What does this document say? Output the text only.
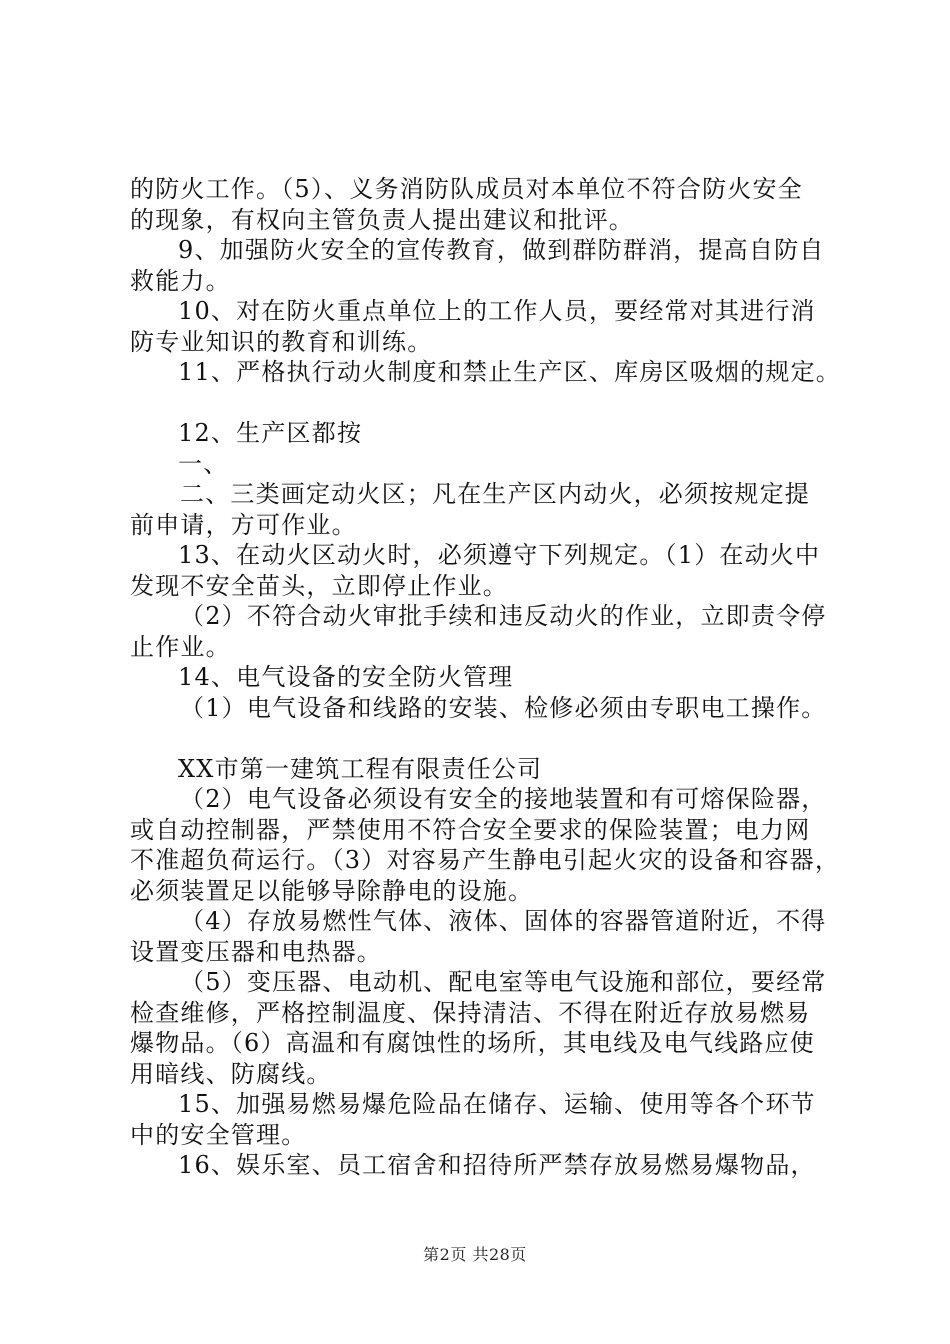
的防火工作。（5）、义务消防队成员对本单位不符合防火安全
的现象，有权向主管负责人提出建议和批评。
9、加强防火安全的宣传教育，做到群防群消，提高自防自
救能力。
10、对在防火重点单位上的工作人员，要经常对其进行消
防专业知识的教育和训练。
11、严格执行动火制度和禁止生产区、库房区吸烟的规定。
12、生产区都按
一、
二、三类画定动火区；凡在生产区内动火，必须按规定提
前申请，方可作业。
13、在动火区动火时，必须遵守下列规定。（1）在动火中
发现不安全苗头，立即停止作业。
（2）不符合动火审批手续和违反动火的作业，立即责令停
止作业。
14、电气设备的安全防火管理
（1）电气设备和线路的安装、检修必须由专职电工操作。
XX市第一建筑工程有限责任公司
（2）电气设备必须设有安全的接地装置和有可熔保险器，
或自动控制器，严禁使用不符合安全要求的保险装置；电力网
不准超负荷运行。（3）对容易产生静电引起火灾的设备和容器，
必须装置足以能够导除静电的设施。
（4）存放易燃性气体、液体、固体的容器管道附近，不得
设置变压器和电热器。
（5）变压器、电动机、配电室等电气设施和部位，要经常
检查维修，严格控制温度、保持清洁、不得在附近存放易燃易
爆物品。（6）高温和有腐蚀性的场所，其电线及电气线路应使
用暗线、防腐线。
15、加强易燃易爆危险品在储存、运输、使用等各个环节
中的安全管理。
16、娱乐室、员工宿舍和招待所严禁存放易燃易爆物品，
第2页 共28页
